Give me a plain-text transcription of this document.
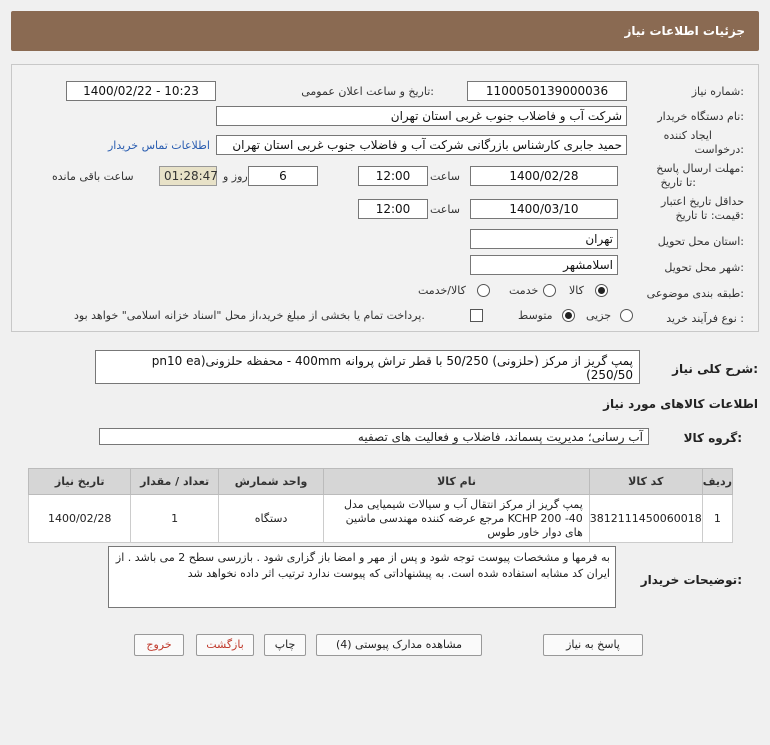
جزئیات اطلاعات نیاز
شماره نیاز:
1100050139000036
تاریخ و ساعت اعلان عمومی:
1400/02/22 - 10:23
نام دستگاه خریدار:
شرکت آب و فاضلاب جنوب غربی استان تهران
ایجاد کننده
درخواست:
حمید جابری کارشناس بازرگانی شرکت آب و فاضلاب جنوب غربی استان تهران
اطلاعات تماس خریدار
مهلت ارسال پاسخ:
تا تاریخ:
1400/02/28
ساعت
12:00
6
روز و
01:28:47
ساعت باقی مانده
حداقل تاریخ اعتبار
قیمت: تا تاریخ:
1400/03/10
ساعت
12:00
استان محل تحویل:
تهران
شهر محل تحویل:
اسلامشهر
طبقه بندی موضوعی:
کالا
خدمت
کالا/خدمت
نوع فرآیند خرید :
جزیی
متوسط
پرداخت تمام یا بخشی از مبلغ خرید،از محل "اسناد خزانه اسلامی" خواهد بود.
شرح کلی نیاز:
پمپ گریز از مرکز (حلزونی) 50/250 با قطر تراش پروانه 400mm - محفظه حلزونی(pn10 ea 250/50)
اطلاعات کالاهای مورد نیاز
گروه کالا:
آب رسانی؛ مدیریت پسماند، فاضلاب و فعالیت های تصفیه
ردیف	کد کالا	نام کالا	واحد شمارش	تعداد / مقدار	تاریخ نیاز
1	3812111450060018	پمپ گریز از مرکز انتقال آب و سیالات شیمیایی مدل KCHP 200 -40 مرجع عرضه کننده مهندسی ماشین های دوار خاور طوس	دستگاه	1	1400/02/28
توضیحات خریدار:
به فرمها و مشخصات پیوست توجه شود و پس از مهر و امضا باز گزاری شود . بازرسی سطح 2 می باشد . از ایران کد مشابه استفاده شده است. به پیشنهاداتی که پیوست ندارد ترتیب اثر داده نخواهد شد
پاسخ به نیاز
مشاهده مدارک پیوستی (4)
چاپ
بازگشت
خروج
